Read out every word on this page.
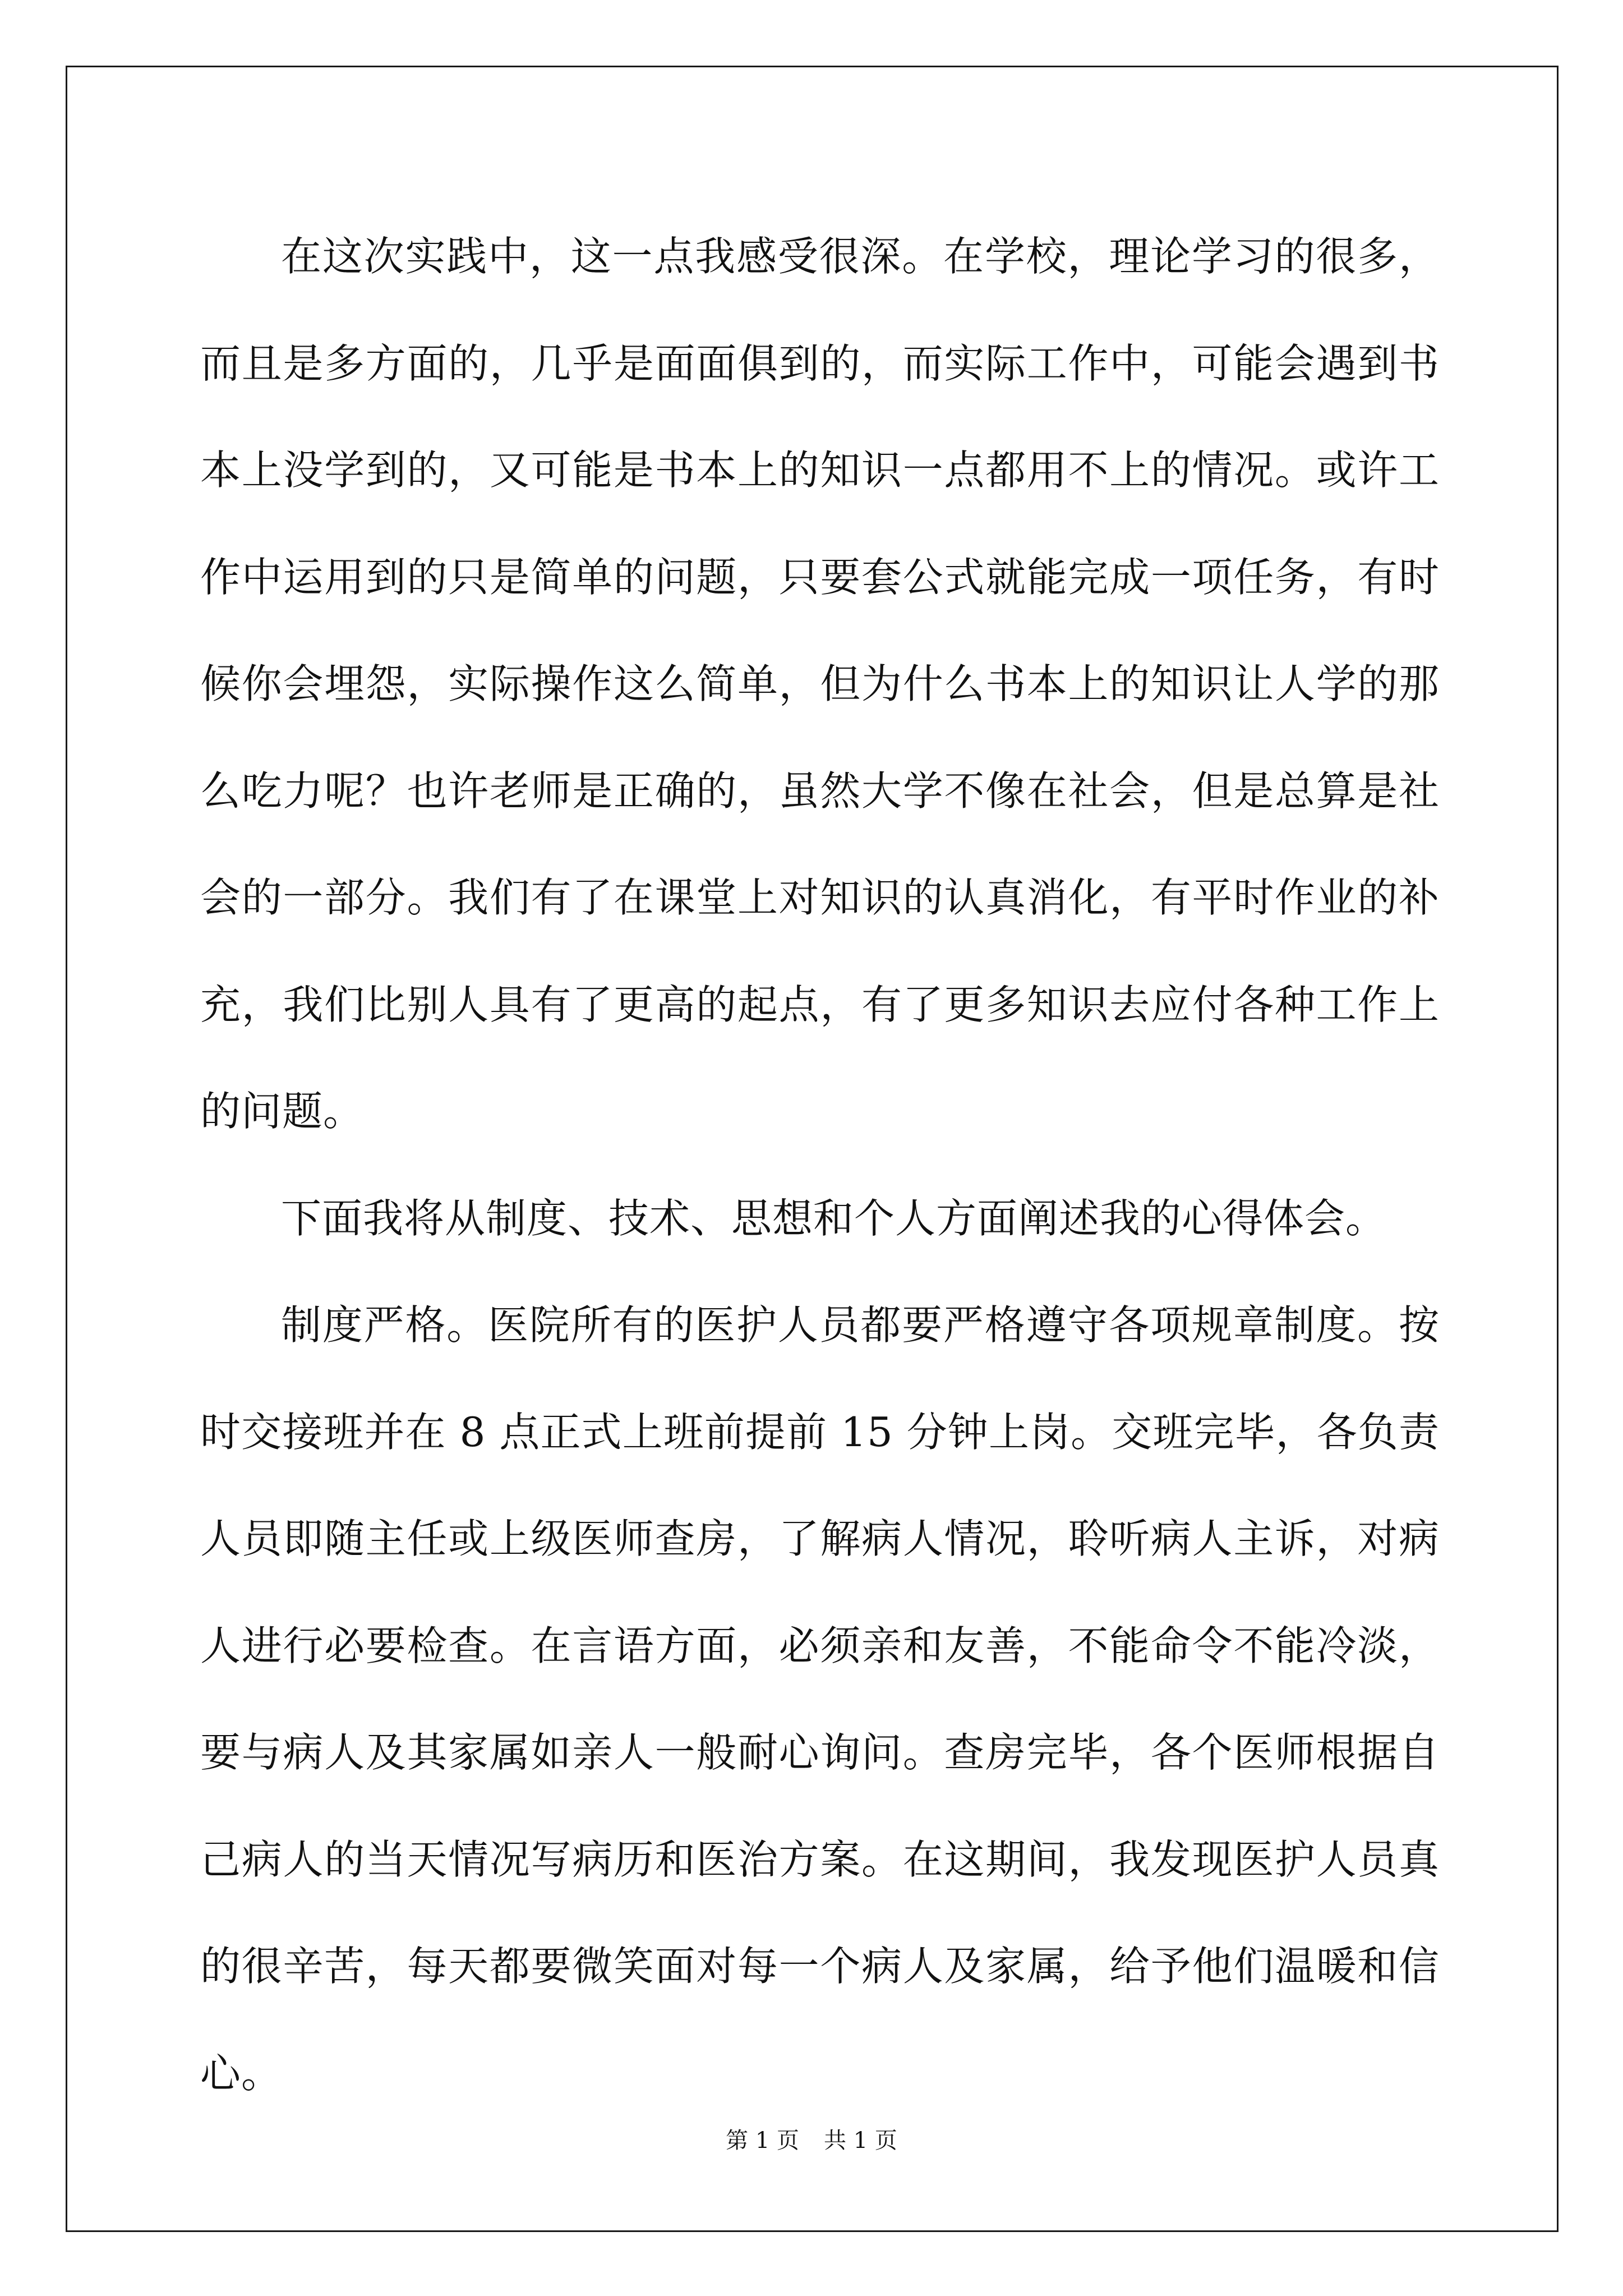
在这次实践中，这一点我感受很深。在学校，理论学习的很多，而且是多方面的，几乎是面面俱到的，而实际工作中，可能会遇到书本上没学到的，又可能是书本上的知识一点都用不上的情况。或许工作中运用到的只是简单的问题，只要套公式就能完成一项任务，有时候你会埋怨，实际操作这么简单，但为什么书本上的知识让人学的那么吃力呢？也许老师是正确的，虽然大学不像在社会，但是总算是社会的一部分。我们有了在课堂上对知识的认真消化，有平时作业的补充，我们比别人具有了更高的起点，有了更多知识去应付各种工作上的问题。

下面我将从制度、技术、思想和个人方面阐述我的心得体会。

制度严格。医院所有的医护人员都要严格遵守各项规章制度。按时交接班并在 8 点正式上班前提前 15 分钟上岗。交班完毕，各负责人员即随主任或上级医师查房，了解病人情况，聆听病人主诉，对病人进行必要检查。在言语方面，必须亲和友善，不能命令不能冷淡，要与病人及其家属如亲人一般耐心询问。查房完毕，各个医师根据自己病人的当天情况写病历和医治方案。在这期间，我发现医护人员真的很辛苦，每天都要微笑面对每一个病人及家属，给予他们温暖和信心。

第 1 页 共 1 页
